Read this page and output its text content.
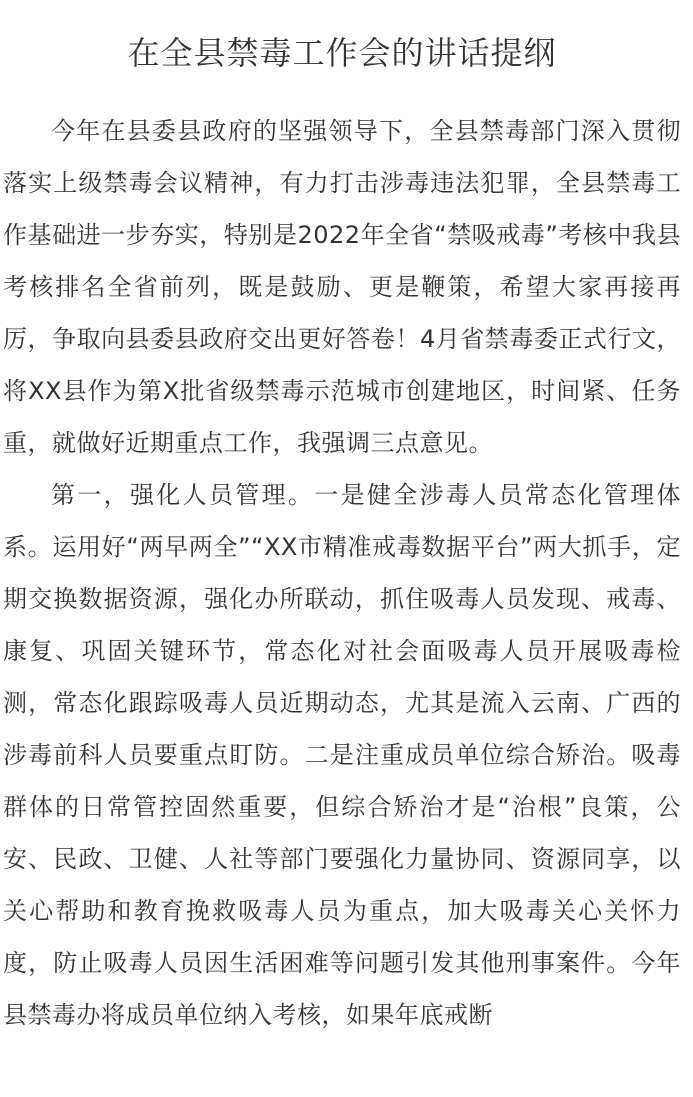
在全县禁毒工作会的讲话提纲

今年在县委县政府的坚强领导下，全县禁毒部门深入贯彻落实上级禁毒会议精神，有力打击涉毒违法犯罪，全县禁毒工作基础进一步夯实，特别是2022年全省“禁吸戒毒”考核中我县考核排名全省前列，既是鼓励、更是鞭策，希望大家再接再厉，争取向县委县政府交出更好答卷！4月省禁毒委正式行文，将XX县作为第X批省级禁毒示范城市创建地区，时间紧、任务重，就做好近期重点工作，我强调三点意见。

第一，强化人员管理。一是健全涉毒人员常态化管理体系。运用好“两早两全”“XX市精准戒毒数据平台”两大抓手，定期交换数据资源，强化办所联动，抓住吸毒人员发现、戒毒、康复、巩固关键环节，常态化对社会面吸毒人员开展吸毒检测，常态化跟踪吸毒人员近期动态，尤其是流入云南、广西的涉毒前科人员要重点盯防。二是注重成员单位综合矫治。吸毒群体的日常管控固然重要，但综合矫治才是“治根”良策，公安、民政、卫健、人社等部门要强化力量协同、资源同享，以关心帮助和教育挽救吸毒人员为重点，加大吸毒关心关怀力度，防止吸毒人员因生活困难等问题引发其他刑事案件。今年县禁毒办将成员单位纳入考核，如果年底戒断
